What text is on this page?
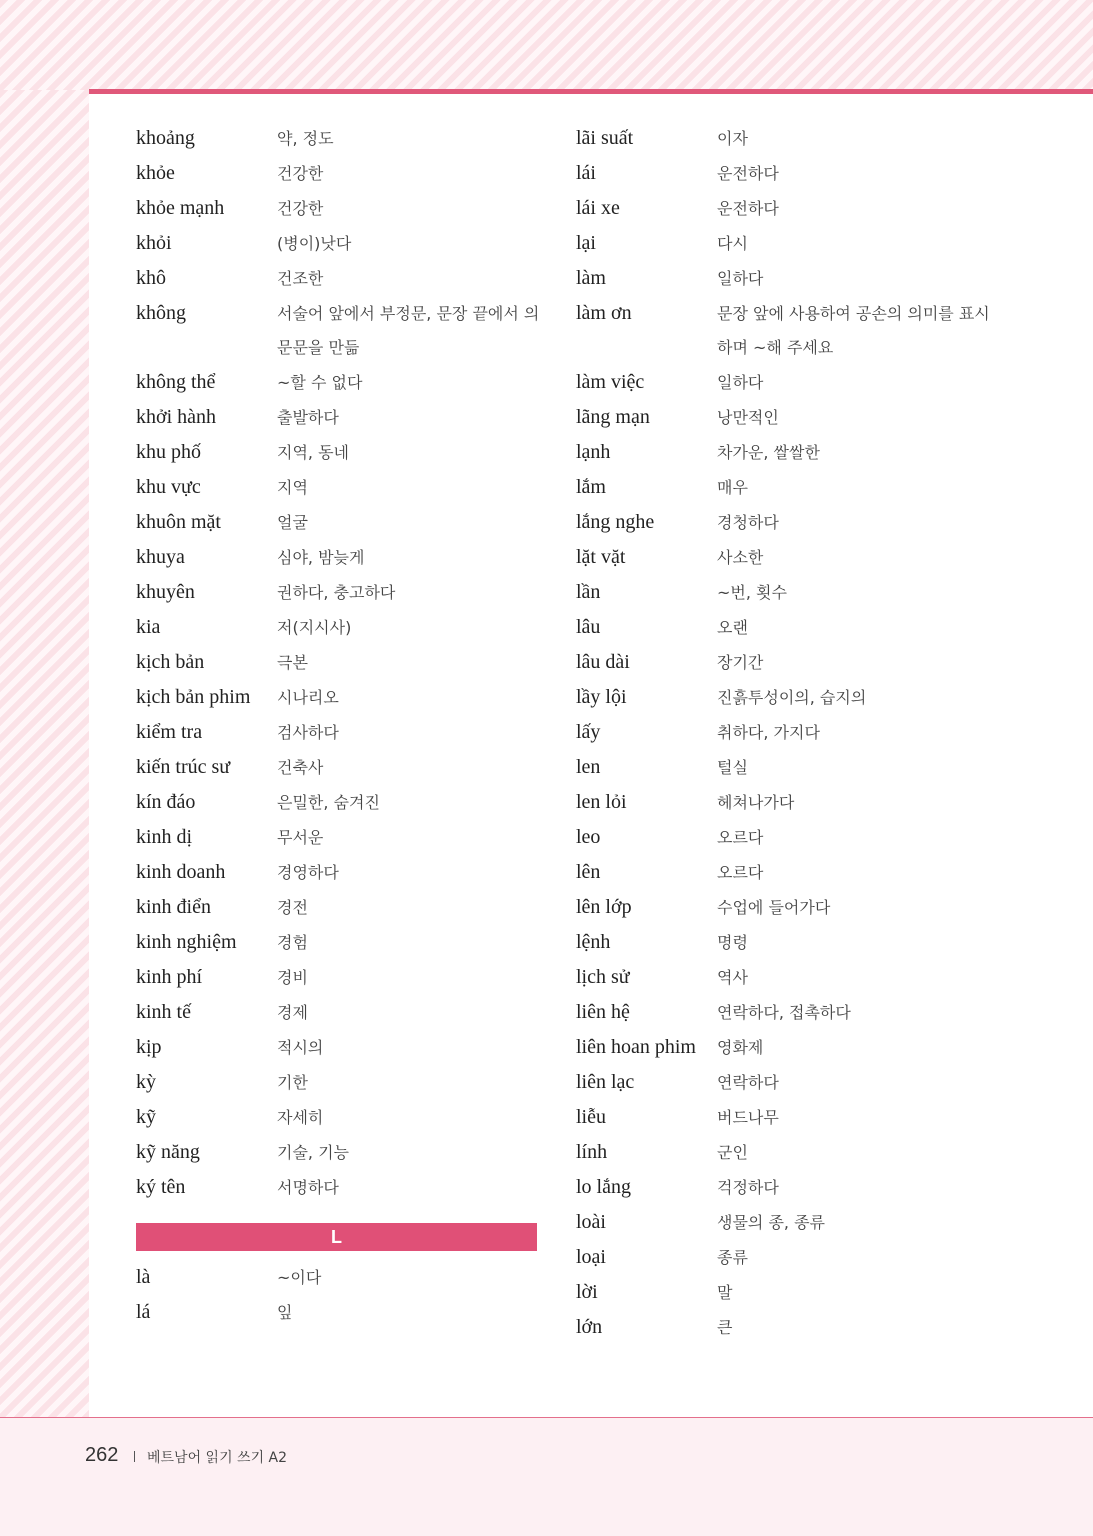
khoảng	약, 정도
khỏe	건강한
khỏe mạnh	건강한
khỏi	(병이)낫다
khô	건조한
không	서술어 앞에서 부정문, 문장 끝에서 의문문을 만듦
không thể	~할 수 없다
khởi hành	출발하다
khu phố	지역, 동네
khu vực	지역
khuôn mặt	얼굴
khuya	심야, 밤늦게
khuyên	권하다, 충고하다
kia	저(지시사)
kịch bản	극본
kịch bản phim	시나리오
kiểm tra	검사하다
kiến trúc sư	건축사
kín đáo	은밀한, 숨겨진
kinh dị	무서운
kinh doanh	경영하다
kinh điển	경전
kinh nghiệm	경험
kinh phí	경비
kinh tế	경제
kịp	적시의
kỳ	기한
kỹ	자세히
kỹ năng	기술, 기능
ký tên	서명하다
L
là	~이다
lá	잎
lãi suất	이자
lái	운전하다
lái xe	운전하다
lại	다시
làm	일하다
làm ơn	문장 앞에 사용하여 공손의 의미를 표시하며 ~해 주세요
làm việc	일하다
lãng mạn	낭만적인
lạnh	차가운, 쌀쌀한
lắm	매우
lắng nghe	경청하다
lặt vặt	사소한
lần	~번, 횟수
lâu	오랜
lâu dài	장기간
lầy lội	진흙투성이의, 습지의
lấy	취하다, 가지다
len	털실
len lỏi	헤쳐나가다
leo	오르다
lên	오르다
lên lớp	수업에 들어가다
lệnh	명령
lịch sử	역사
liên hệ	연락하다, 접촉하다
liên hoan phim	영화제
liên lạc	연락하다
liễu	버드나무
lính	군인
lo lắng	걱정하다
loài	생물의 종, 종류
loại	종류
lời	말
lớn	큰
262 베트남어 읽기 쓰기 A2
